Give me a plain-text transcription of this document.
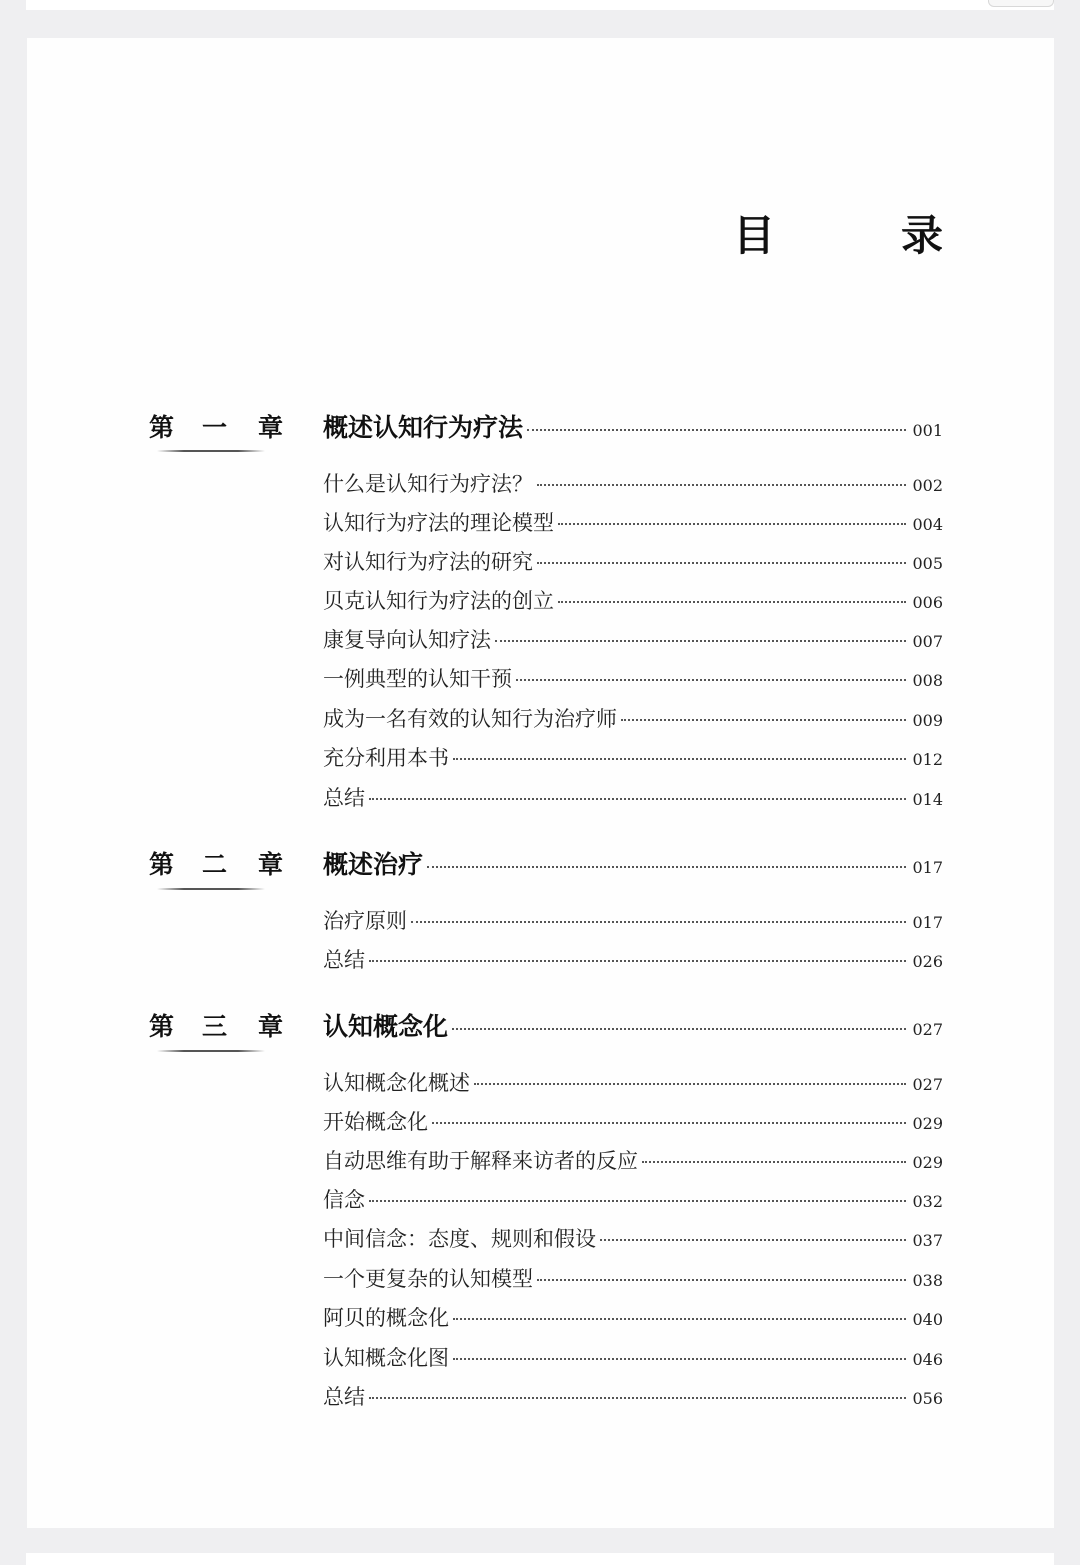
目	录
第 一 章 概述认知行为疗法	001
什么是认知行为疗法？	002
认知行为疗法的理论模型	004
对认知行为疗法的研究	005
贝克认知行为疗法的创立	006
康复导向认知疗法	007
一例典型的认知干预	008
成为一名有效的认知行为治疗师	009
充分利用本书	012
总结	014
第 二 章 概述治疗	017
治疗原则	017
总结	026
第 三 章 认知概念化	027
认知概念化概述	027
开始概念化	029
自动思维有助于解释来访者的反应	029
信念	032
中间信念：态度、规则和假设	037
一个更复杂的认知模型	038
阿贝的概念化	040
认知概念化图	046
总结	056
